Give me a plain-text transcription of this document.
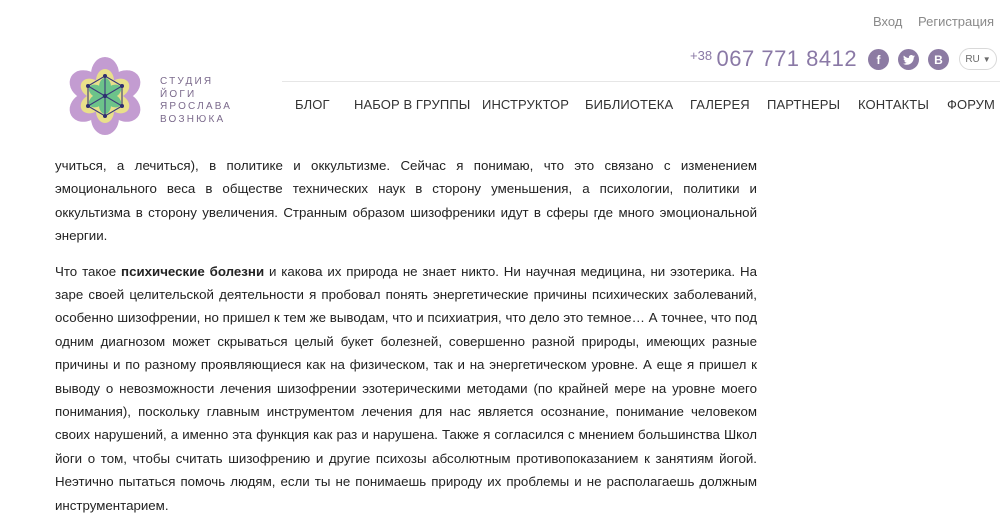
Вход Регистрация
СТУДИЯ
ЙОГИ
ЯРОСЛАВА
ВОЗНЮКА
$^{+38}$ 067 771 8412	f	В	RU ▼
БЛОГ НАБОР В ГРУППЫ ИНСТРУКТОР БИБЛИОТЕКА ГАЛЕРЕЯ ПАРТНЕРЫ КОНТАКТЫ ФОРУМ

учиться, а лечиться), в политике и оккультизме. Сейчас я понимаю, что это связано с изменением эмоционального веса в обществе технических наук в сторону уменьшения, а психологии, политики и оккультизма в сторону увеличения. Странным образом шизофреники идут в сферы где много эмоциональной энергии.

Что такое психические болезни и какова их природа не знает никто. Ни научная медицина, ни эзотерика. На заре своей целительской деятельности я пробовал понять энергетические причины психических заболеваний, особенно шизофрении, но пришел к тем же выводам, что и психиатрия, что дело это темное… А точнее, что под одним диагнозом может скрываться целый букет болезней, совершенно разной природы, имеющих разные причины и по разному проявляющиеся как на физическом, так и на энергетическом уровне. А еще я пришел к выводу о невозможности лечения шизофрении эзотерическими методами (по крайней мере на уровне моего понимания), поскольку главным инструментом лечения для нас является осознание, понимание человеком своих нарушений, а именно эта функция как раз и нарушена. Также я согласился с мнением большинства Школ йоги о том, чтобы считать шизофрению и другие психозы абсолютным противопоказанием к занятиям йогой. Неэтично пытаться помочь людям, если ты не понимаешь природу их проблемы и не располагаешь должным инструментарием.
